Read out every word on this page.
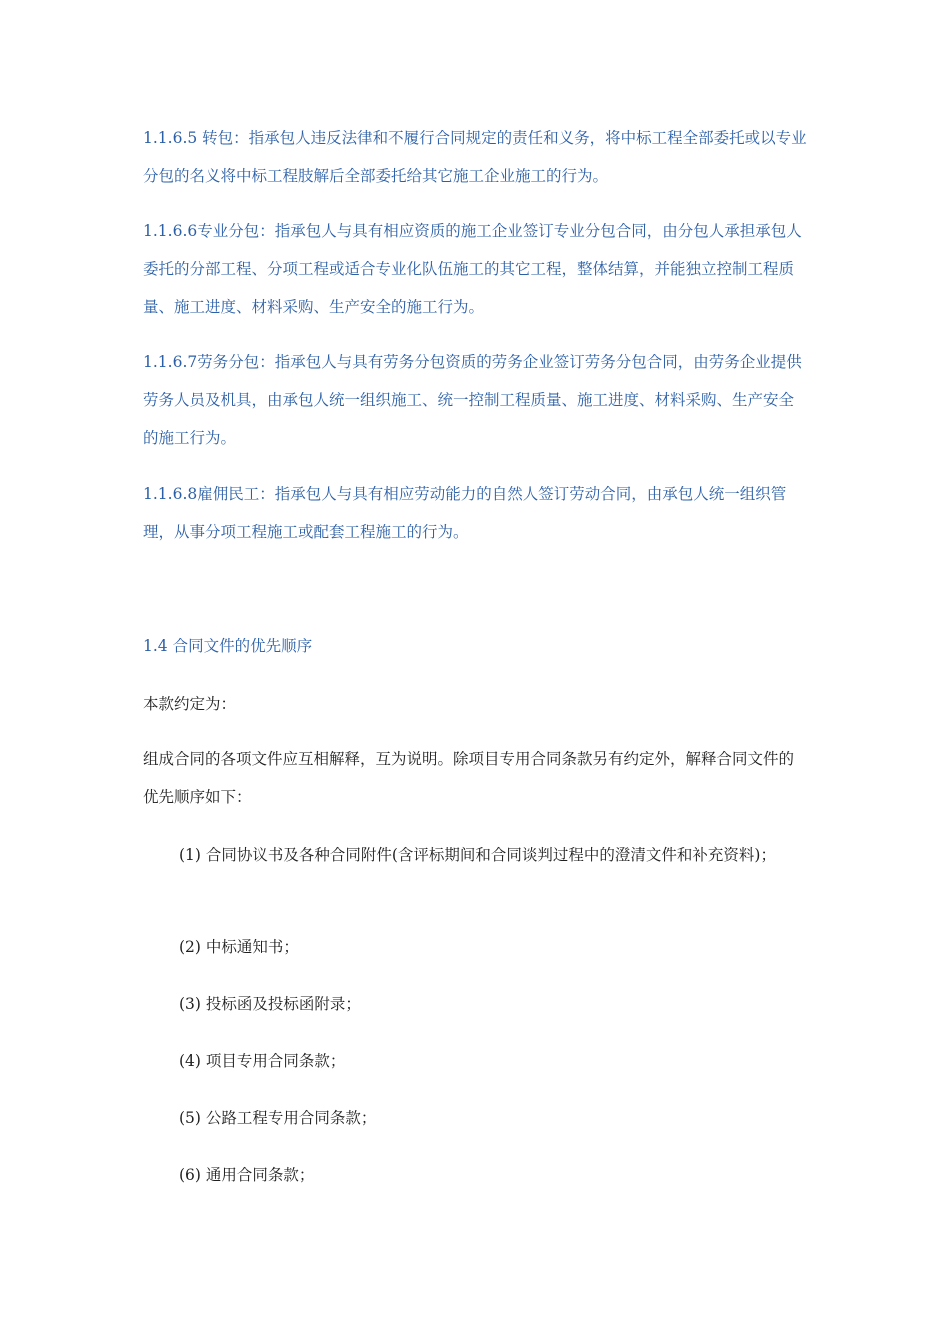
1.1.6.5 转包：指承包人违反法律和不履行合同规定的责任和义务，将中标工程全部委托或以专业分包的名义将中标工程肢解后全部委托给其它施工企业施工的行为。

1.1.6.6专业分包：指承包人与具有相应资质的施工企业签订专业分包合同，由分包人承担承包人委托的分部工程、分项工程或适合专业化队伍施工的其它工程，整体结算，并能独立控制工程质量、施工进度、材料采购、生产安全的施工行为。

1.1.6.7劳务分包：指承包人与具有劳务分包资质的劳务企业签订劳务分包合同，由劳务企业提供劳务人员及机具，由承包人统一组织施工、统一控制工程质量、施工进度、材料采购、生产安全的施工行为。

1.1.6.8雇佣民工：指承包人与具有相应劳动能力的自然人签订劳动合同，由承包人统一组织管理，从事分项工程施工或配套工程施工的行为。

1.4 合同文件的优先顺序

本款约定为：

组成合同的各项文件应互相解释，互为说明。除项目专用合同条款另有约定外，解释合同文件的优先顺序如下：

(1) 合同协议书及各种合同附件(含评标期间和合同谈判过程中的澄清文件和补充资料)；

(2) 中标通知书；

(3) 投标函及投标函附录；

(4) 项目专用合同条款；

(5) 公路工程专用合同条款；

(6) 通用合同条款；
